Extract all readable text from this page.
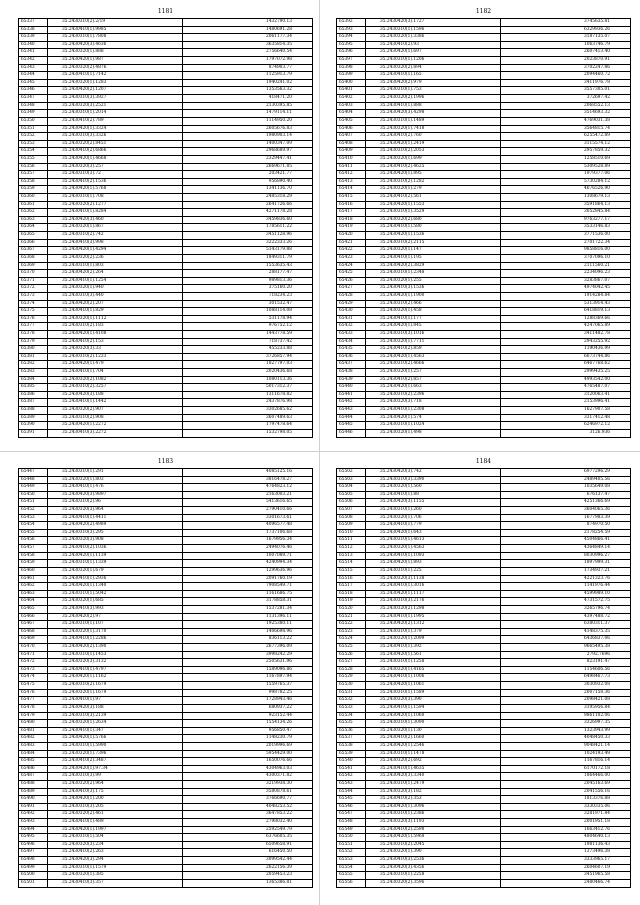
1181
65337	35.2430310(2).2/19	1432790.13
65338	35.2430410(1).9985	1480691.28
65339	35.2430310(1).7808	2061177.34
65340	35.2430420(3).4636	3635814.35
65341	35.2430320(1).888	2756640.54
65342	35.2430420(1).987	1797072.98
65343	35.2430320(2).4876	874903.77
65344	35.2430410(1).7142	1125913.79
65345	35.2430320(1).1283	1940241.02
65346	35.2430420(2).1207	1353563.32
65347	35.2430310(3).3927	418471.20
65348	35.2430320(3).2521	2130395.85
65349	35.2430310(1).2014	1479114.11
65350	35.2430410(2).789	1114950.20
65351	35.2430420(1).3324	2605676.83
65352	35.2430310(3).3326	1980903.14
65353	35.2430320(2).8451	1400347.09
65354	35.2430410(2).6866	2968689.97
65355	35.2430420(1).4668	2329447.41
65356	35.2430320(3).257	2669671.85
65357	35.2430310(3).72	203421.77
65358	35.2430410(2).1536	956890.40
65359	35.2430420(1).5768	1341136.70
65360	35.2430310(1).708	2485318.29
65361	35.2430320(2).1277	2641726.66
65362	35.2430410(1).8284	4271178.28
65363	35.2430420(3).460	3459836.60
65364	35.2430320(1).867	1785611.22
65365	35.2430310(2).742	3451128.96
65366	35.2430410(3).998	3222333.26
65367	35.2430420(1).4294	5143179.88
65368	35.2430320(2).236	1849311.79
65369	35.2430310(1).803	1553635.43
65370	35.2430420(2).264	288177.47
65371	35.2430410(1).1254	989813.36
65372	35.2430320(1).940	375160.20
65373	35.2430310(3).440	718234.23
65374	35.2430420(2).207	301532.47
65375	35.2430410(1).829	1088114.08
65376	35.2430320(1).1112	531178.94
65377	35.2430310(2).183	976752.12
65378	35.2430420(1).4108	1443778.59
65379	35.2430410(2).153	718737.42
65380	35.2430320(3).33	455233.88
65381	35.2430310(2).1233	3726857.94
65382	35.2430420(1).479	1827797.03
65383	35.2430410(1).704	2020436.68
65384	35.2430320(2).1082	1080113.36
65385	35.2430310(2).3257	5017312.37
65386	35.2430420(3).188	1311678.82
65387	35.2430410(1).1442	2437876.98
65388	35.2430320(2).907	3302685.62
65389	35.2430310(2).908	3607489.63
65390	35.2430420(1).2272	1797478.64
65391	35.2430410(3).2272	1532798.05
1182
65392	35.2430420(3).1727	3745635.81
65393	35.2430310(1).1596	6329936.26
65394	35.2430320(1).3386	3187135.07
65395	35.2430410(2).93	1063746.79
65396	35.2430420(1).697	2607413.40
65397	35.2430310(1).1206	2023870.91
65398	35.2430320(2).894	3702247.86
65399	35.2430410(1).165	2094460.72
65400	35.2430420(2).979	3411976.78
65401	35.2430310(1).753	3557305.01
65402	35.2430320(2).1996	372697.42
65403	35.2430410(1).888	2068552.13
65404	35.2430420(3).4298	3514693.32
65405	35.2430310(1).1489	4769031.38
65406	35.2430320(1).7418	3564815.74
65407	35.2430410(2).760	6255472.89
65408	35.2430420(1).2419	3115574.12
65409	35.2430310(2).2053	2957859.32
65410	35.2430320(1).699	1258510.69
65411	35.2430410(2).4625	5309528.89
65412	35.2430420(1).895	1979377.06
65413	35.2430310(2).1282	5730284.12
65414	35.2430320(1).279	4676526.90
65415	35.2430410(2).561	1308679.13
65416	35.2430420(1).1553	3591864.13
65417	35.2430310(1).3529	3052845.84
65418	35.2430320(2).680	9763277.17
65419	35.2430410(1).580	3533146.83
65420	35.2430420(1).1536	3771536.00
65421	35.2430310(2).2115	2701722.34
65422	35.2430320(1).147	9858816.00
65423	35.2430410(1).195	3707096.10
65424	35.2430420(2).3829	2111560.21
65425	35.2430310(1).2348	2234096.23
65426	35.2430320(1).255	3283867.07
65427	35.2430410(3).1536	4974042.45
65428	35.2430420(1).1900	1914284.84
65429	35.2430310(2).466	5313914.43
65430	35.2430320(1).458	6418819.13
65431	35.2430410(1).177	1288369.66
65432	35.2430420(1).845	4247065.89
65433	35.2430310(3).1016	3411482.78
65434	35.2430320(1).7711	2943255.92
65435	35.2430410(2).859	1190436.99
65436	35.2430420(1).4563	6673744.86
65437	35.2430310(2).4666	6467768.62
65438	35.2430320(1).257	2999435.25
65439	35.2430410(2).857	4993542.00
65440	35.2430420(1).663	4765487.07
65441	35.2430310(2).2396	3120063.41
65442	35.2430320(3).718	2153996.41
65443	35.2430410(1).2308	1627907.58
65444	35.2430420(1).574	3317412.48
65445	35.2430310(1).1024	6246972.12
65446	35.2430320(1).498	3126.936
1183
65447	35.2430310(1).291	4085125.16
65448	35.2430320(1).803	3816478.27
65449	35.2430410(1).476	4764823.12
65450	35.2430420(3).9897	2163003.21
65451	35.2430310(2).96	5413616.65
65452	35.2430320(3).964	2790410.66
65453	35.2430410(1).4411	3301673.61
65454	35.2430420(2).4989	4096577.48
65455	35.2430310(3).295	1737106.68
65456	35.2430320(3).908	1679956.34
65457	35.2430410(2).1036	2494076.46
65458	35.2430420(1).1139	1007089.71
65459	35.2430310(1).1339	4240994.34
65460	35.2430320(1).679	1299636.96
65461	35.2430410(1).2936	2091760.19
65462	35.2430420(1).1340	7908549.71
65463	35.2430310(1).5042	1161686.75
65464	35.2430320(1).685	3178858.31
65465	35.2430410(3).993	1537281.34
65466	35.2430420(2).97	1131396.11
65467	35.2430310(1).107	1925380.11
65468	35.2430320(1).3170	1406698.96
65469	35.2430410(1).2286	836113.22
65470	35.2430420(2).1390	2677396.09
65471	35.2430310(1).1453	3998242.29
65472	35.2430320(3).3132	2505631.96
65473	35.2430410(1).4797	1589096.86
65474	35.2430420(1).1162	1167897.94
65475	35.2430310(2).1679	1559765.37
65476	35.2430320(1).1679	998782.25
65477	35.2430410(1).97	1728943.46
65478	35.2430420(3).188	680937.22
65479	35.2430310(3).2139	923152.44
65480	35.2430320(1).2634	1554134.26
65481	35.2430410(1).347	956850.47
65482	35.2430420(1).5766	1148230.79
65483	35.2430310(1).5990	2019996.69
65484	35.2430320(1).7396	5954429.00
65485	35.2430410(2).3487	1650076.66
65486	35.2430420(1).97.34	4304963.03
65487	35.2430310(3).99	4300371.82
65488	35.2430320(2).964	3219938.30
65489	35.2430410(3).175	3580878.61
65490	35.2430420(1).200	3766690.77
65491	35.2430310(3).205	4048253.52
65492	35.2430320(2).461	3647853.22
65493	35.2430410(1).489	2798032.40
65494	35.2430420(1).1997	2592549.79
65495	35.2430310(1).504	6376605.35
65496	35.2430320(3).234	6509658.91
65497	35.2430410(2).263	616450.50
65498	35.2430420(3).294	3099542.44
65499	35.2430310(1).1579	2622156.39
65500	35.2430320(1).385	2059453.23
65501	35.2430410(3).357	1365386.81
1184
65502	35.2430420(3).742	6977296.29
65503	35.2430310(3).3390	2489405.56
65504	35.2430320(1).560	1035649.08
65505	35.2430410(1).88	676137.47
65506	35.2430420(3).1155	4251366.69
65507	35.2430310(1).260	3604065.36
65508	35.2430320(1).706	1677983.39
65509	35.2430410(1).779	874970.50
65510	35.2430420(1).643	2178254.59
65511	35.2430310(1).4613	4504866.41
65512	35.2430320(1).4563	4364849.14
65513	35.2430410(1).1093	8030996.27
65514	35.2430420(1).893	1897999.31
65515	35.2430310(1).225	1734937.21
65516	35.2430320(3).1138	4221323.76
65517	35.2430410(1).3016	1141976.44
65518	35.2430420(1).1117	4599989.10
65519	35.2430310(3).2176	4731572.75
65520	35.2430320(2).1298	3265796.74
65521	35.2430410(1).1995	4397488.72
65522	35.2430420(2).1312	6380311.37
65523	35.2430310(1).379	4148375.35
65524	35.2430320(1).2099	6436837.06
65525	35.2430410(1).392	9665495.38
65526	35.2430420(1).561	2792.7696
65527	35.2430310(1).1258	823191.47
65528	35.2430320(1).4165	1154606.56
65529	35.2430410(1).1006	6498467.73
65530	35.2430420(1).1061	3030932.08
65531	35.2430310(1).1589	2007158.36
65532	35.2430320(3).390	2098421.08
65533	35.2430410(1).1594	3195956.84
65534	35.2430420(1).1060	9861102.06
65535	35.2430310(1).3090	3326997.35
65536	35.2430320(1).130	1323943.99
65537	35.2430410(2).1660	4048450.33
65538	35.2430420(1).2546	9048421.14
65539	35.2430310(1).1478	1024193.49
65540	35.2430320(2).692	1167816.14
65541	35.2430410(1).4635	6170172.18
65542	35.2430420(3).3340	1864466.00
65543	35.2430310(1).2479	2045163.69
65544	35.2430320(3).182	2041556.16
65545	35.2430410(2).353	1813376.88
65546	35.2430420(1).3096	3330335.06
65547	35.2430310(1).2386	3281971.84
65548	35.2430320(3).1193	2001951.18
65549	35.2430410(2).2598	1663412.76
65550	35.2430420(1).5968	4804640.13
65551	35.2430310(2).2045	1981136.43
65552	35.2430320(1).390	1373496.38
65553	35.2430410(3).2536	3333965.17
65554	35.2430420(3).4356	2604607.19
65555	35.2430310(1).2258	3451965.58
65556	35.2430320(2).3596	2480466.74
